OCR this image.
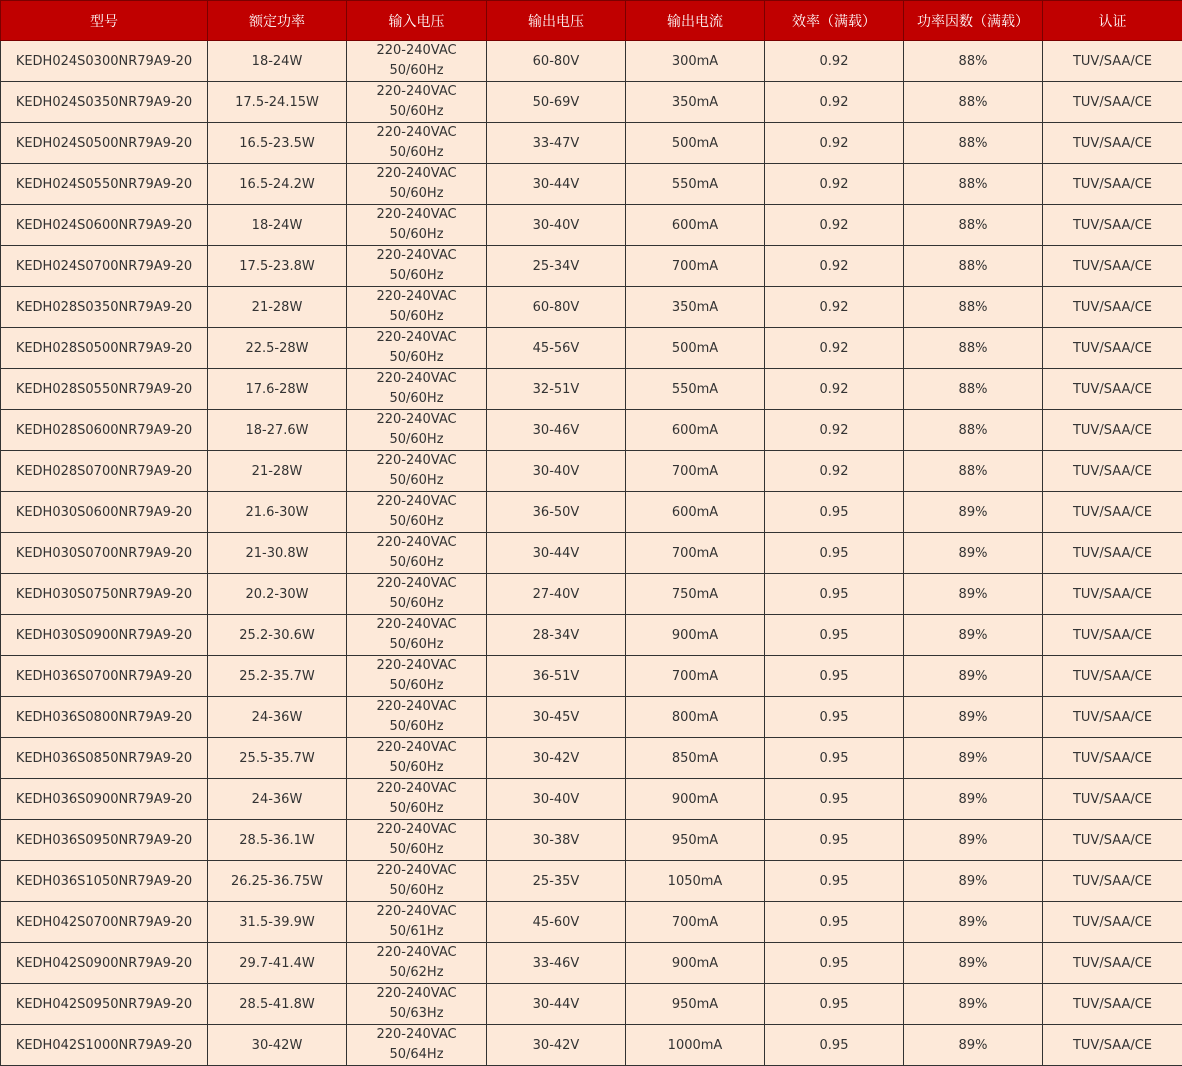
型号	额定功率	输入电压	输出电压	输出电流	效率（满载）	功率因数（满载）	认证
KEDH024S0300NR79A9-20	18-24W	220-240VAC
50/60Hz	60-80V	300mA	0.92	88%	TUV/SAA/CE
KEDH024S0350NR79A9-20	17.5-24.15W	220-240VAC
50/60Hz	50-69V	350mA	0.92	88%	TUV/SAA/CE
KEDH024S0500NR79A9-20	16.5-23.5W	220-240VAC
50/60Hz	33-47V	500mA	0.92	88%	TUV/SAA/CE
KEDH024S0550NR79A9-20	16.5-24.2W	220-240VAC
50/60Hz	30-44V	550mA	0.92	88%	TUV/SAA/CE
KEDH024S0600NR79A9-20	18-24W	220-240VAC
50/60Hz	30-40V	600mA	0.92	88%	TUV/SAA/CE
KEDH024S0700NR79A9-20	17.5-23.8W	220-240VAC
50/60Hz	25-34V	700mA	0.92	88%	TUV/SAA/CE
KEDH028S0350NR79A9-20	21-28W	220-240VAC
50/60Hz	60-80V	350mA	0.92	88%	TUV/SAA/CE
KEDH028S0500NR79A9-20	22.5-28W	220-240VAC
50/60Hz	45-56V	500mA	0.92	88%	TUV/SAA/CE
KEDH028S0550NR79A9-20	17.6-28W	220-240VAC
50/60Hz	32-51V	550mA	0.92	88%	TUV/SAA/CE
KEDH028S0600NR79A9-20	18-27.6W	220-240VAC
50/60Hz	30-46V	600mA	0.92	88%	TUV/SAA/CE
KEDH028S0700NR79A9-20	21-28W	220-240VAC
50/60Hz	30-40V	700mA	0.92	88%	TUV/SAA/CE
KEDH030S0600NR79A9-20	21.6-30W	220-240VAC
50/60Hz	36-50V	600mA	0.95	89%	TUV/SAA/CE
KEDH030S0700NR79A9-20	21-30.8W	220-240VAC
50/60Hz	30-44V	700mA	0.95	89%	TUV/SAA/CE
KEDH030S0750NR79A9-20	20.2-30W	220-240VAC
50/60Hz	27-40V	750mA	0.95	89%	TUV/SAA/CE
KEDH030S0900NR79A9-20	25.2-30.6W	220-240VAC
50/60Hz	28-34V	900mA	0.95	89%	TUV/SAA/CE
KEDH036S0700NR79A9-20	25.2-35.7W	220-240VAC
50/60Hz	36-51V	700mA	0.95	89%	TUV/SAA/CE
KEDH036S0800NR79A9-20	24-36W	220-240VAC
50/60Hz	30-45V	800mA	0.95	89%	TUV/SAA/CE
KEDH036S0850NR79A9-20	25.5-35.7W	220-240VAC
50/60Hz	30-42V	850mA	0.95	89%	TUV/SAA/CE
KEDH036S0900NR79A9-20	24-36W	220-240VAC
50/60Hz	30-40V	900mA	0.95	89%	TUV/SAA/CE
KEDH036S0950NR79A9-20	28.5-36.1W	220-240VAC
50/60Hz	30-38V	950mA	0.95	89%	TUV/SAA/CE
KEDH036S1050NR79A9-20	26.25-36.75W	220-240VAC
50/60Hz	25-35V	1050mA	0.95	89%	TUV/SAA/CE
KEDH042S0700NR79A9-20	31.5-39.9W	220-240VAC
50/61Hz	45-60V	700mA	0.95	89%	TUV/SAA/CE
KEDH042S0900NR79A9-20	29.7-41.4W	220-240VAC
50/62Hz	33-46V	900mA	0.95	89%	TUV/SAA/CE
KEDH042S0950NR79A9-20	28.5-41.8W	220-240VAC
50/63Hz	30-44V	950mA	0.95	89%	TUV/SAA/CE
KEDH042S1000NR79A9-20	30-42W	220-240VAC
50/64Hz	30-42V	1000mA	0.95	89%	TUV/SAA/CE
